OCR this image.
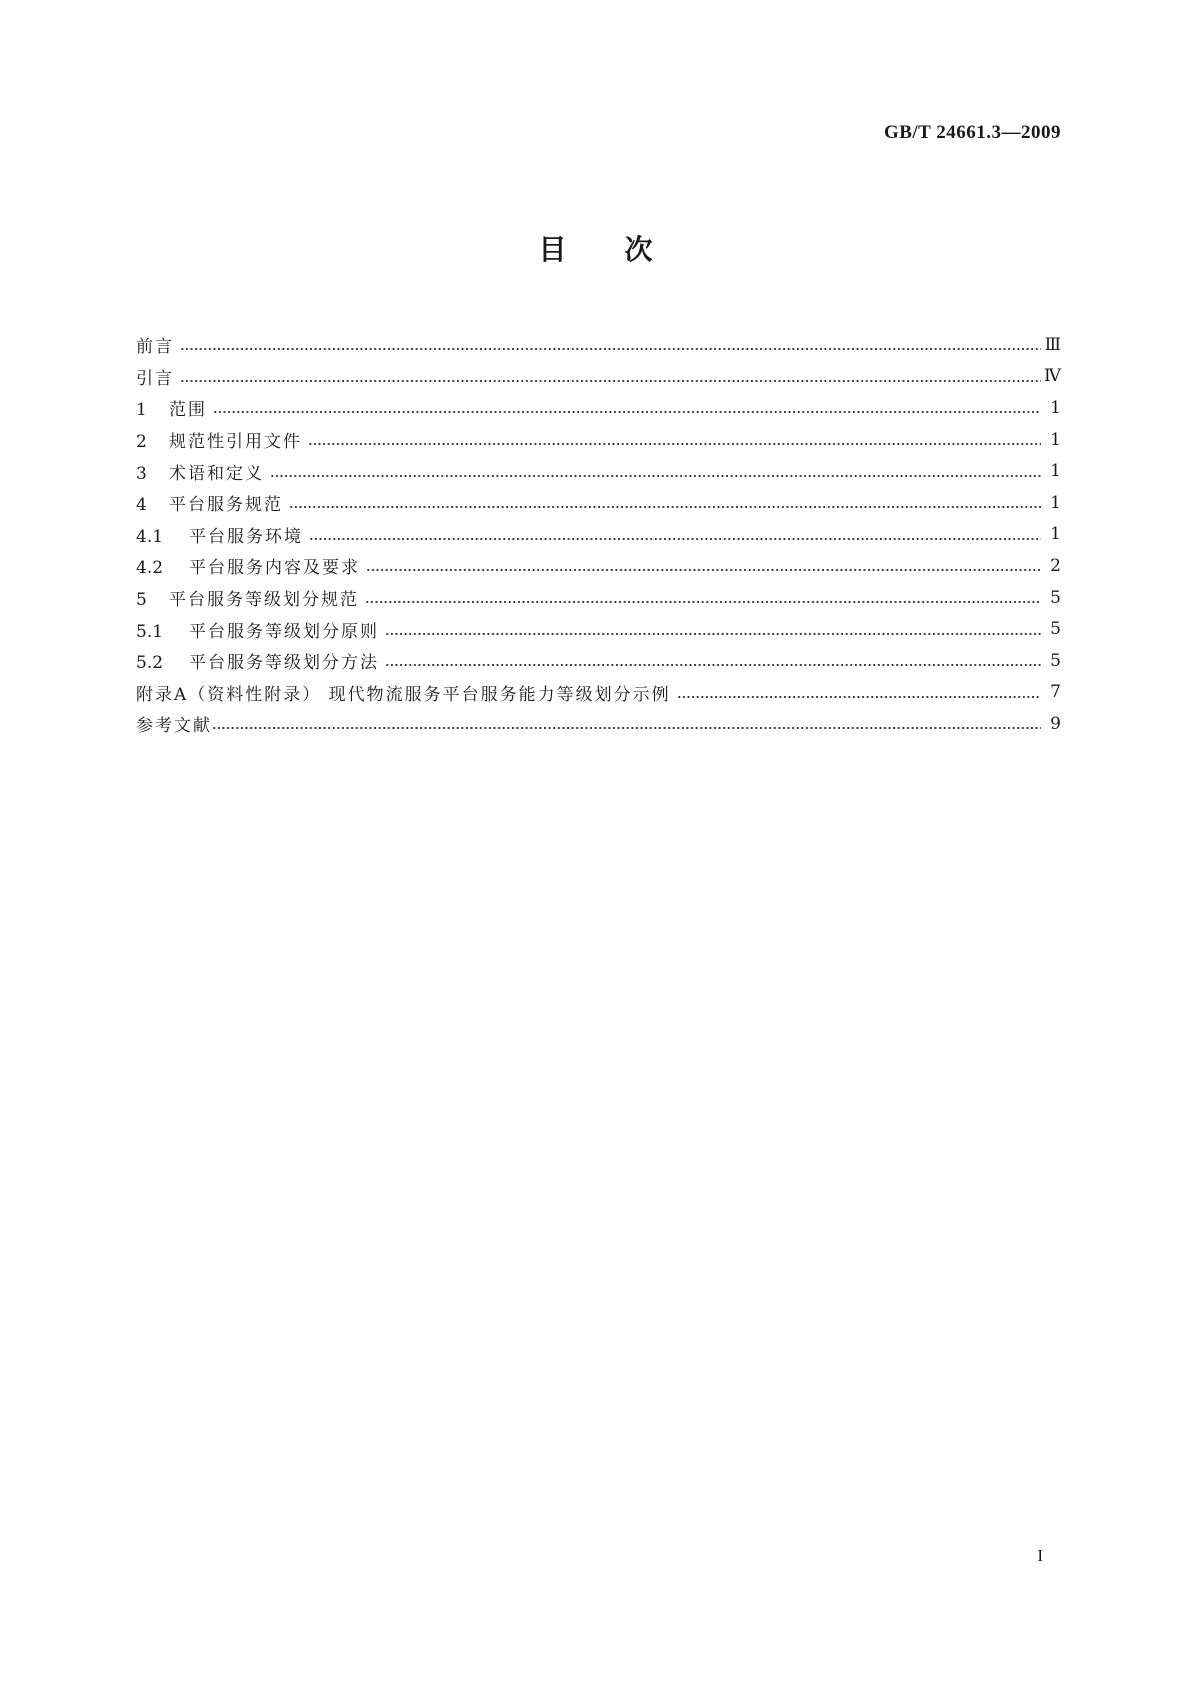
GB/T 24661.3—2009
目次
前言	Ⅲ
引言	Ⅳ
1 范围	1
2 规范性引用文件	1
3 术语和定义	1
4 平台服务规范	1
4.1 平台服务环境	1
4.2 平台服务内容及要求	2
5 平台服务等级划分规范	5
5.1 平台服务等级划分原则	5
5.2 平台服务等级划分方法	5
附录A（资料性附录） 现代物流服务平台服务能力等级划分示例	7
参考文献	9
I
